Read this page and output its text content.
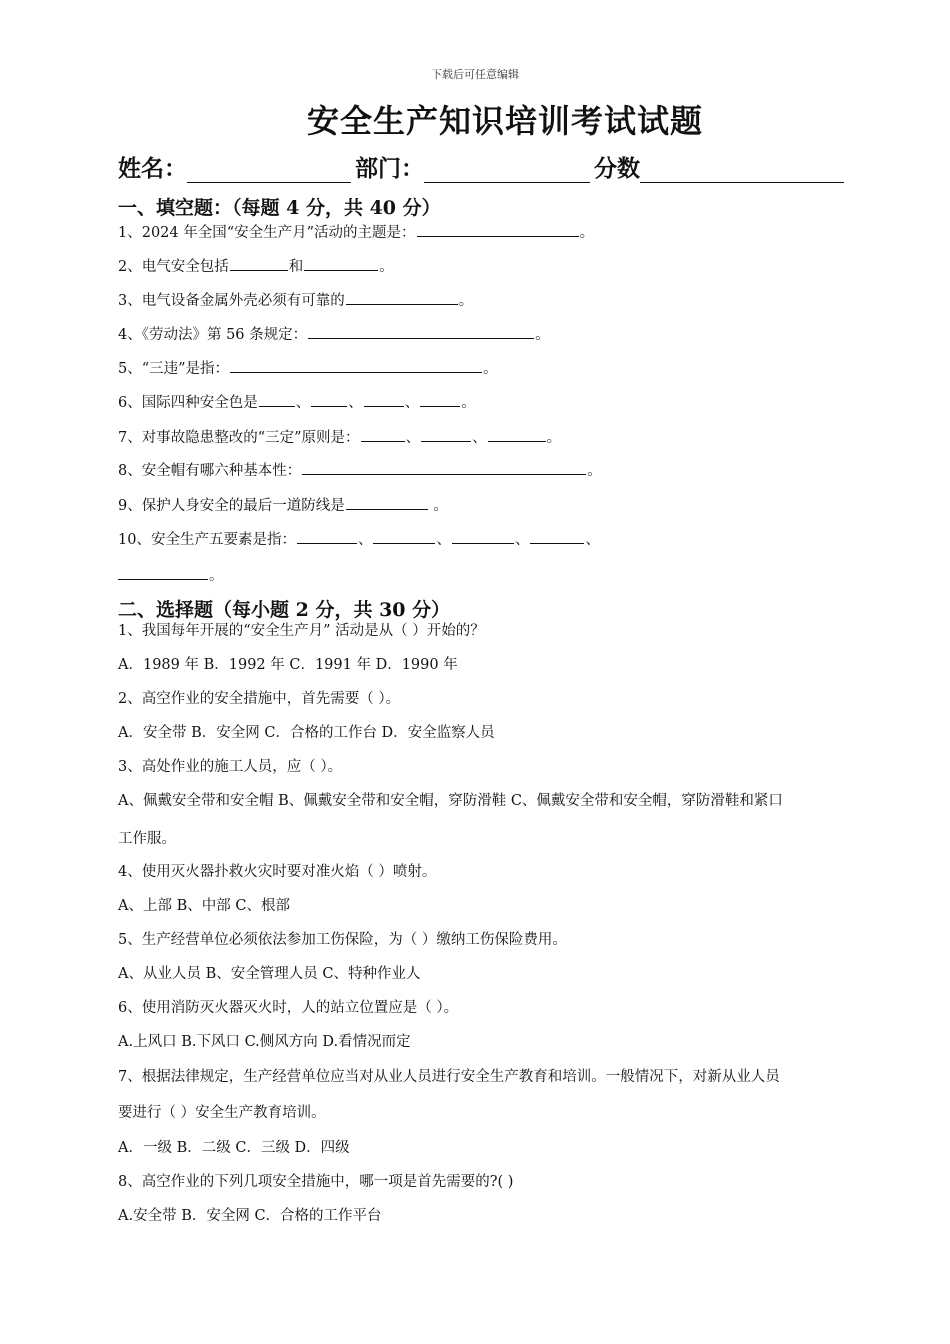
下载后可任意编辑
安全生产知识培训考试试题
姓名：	部门：	分数
一、填空题：（每题 4 分，共 40 分）
1、2024 年全国“安全生产月”活动的主题是：	。
2、电气安全包括	和	。
3、电气设备金属外壳必须有可靠的	。
4、《劳动法》第 56 条规定：	。
5、“三违”是指：	。
6、国际四种安全色是	、	、	、	。
7、对事故隐患整改的“三定”原则是：	、	、	。
8、安全帽有哪六种基本性：	。
9、保护人身安全的最后一道防线是	。
10、安全生产五要素是指：	、	、	、	、
。
二、选择题（每小题 2 分，共 30 分）
1、我国每年开展的“安全生产月” 活动是从（ ）开始的？
A．1989 年 B．1992 年 C．1991 年 D．1990 年
2、高空作业的安全措施中，首先需要（ ）。
A．安全带 B．安全网 C．合格的工作台 D．安全监察人员
3、高处作业的施工人员，应（ ）。
A、佩戴安全带和安全帽 B、佩戴安全带和安全帽，穿防滑鞋 C、佩戴安全带和安全帽，穿防滑鞋和紧口
工作服。
4、使用灭火器扑救火灾时要对准火焰（ ）喷射。
A、上部 B、中部 C、根部
5、生产经营单位必须依法参加工伤保险，为（ ）缴纳工伤保险费用。
A、从业人员 B、安全管理人员 C、特种作业人
6、使用消防灭火器灭火时，人的站立位置应是（ ）。
A.上风口 B.下风口 C.侧风方向 D.看情况而定
7、根据法律规定，生产经营单位应当对从业人员进行安全生产教育和培训。一般情况下，对新从业人员
要进行（ ）安全生产教育培训。
A．一级 B．二级 C．三级 D．四级
8、高空作业的下列几项安全措施中，哪一项是首先需要的?( )
A.安全带 B．安全网 C．合格的工作平台
